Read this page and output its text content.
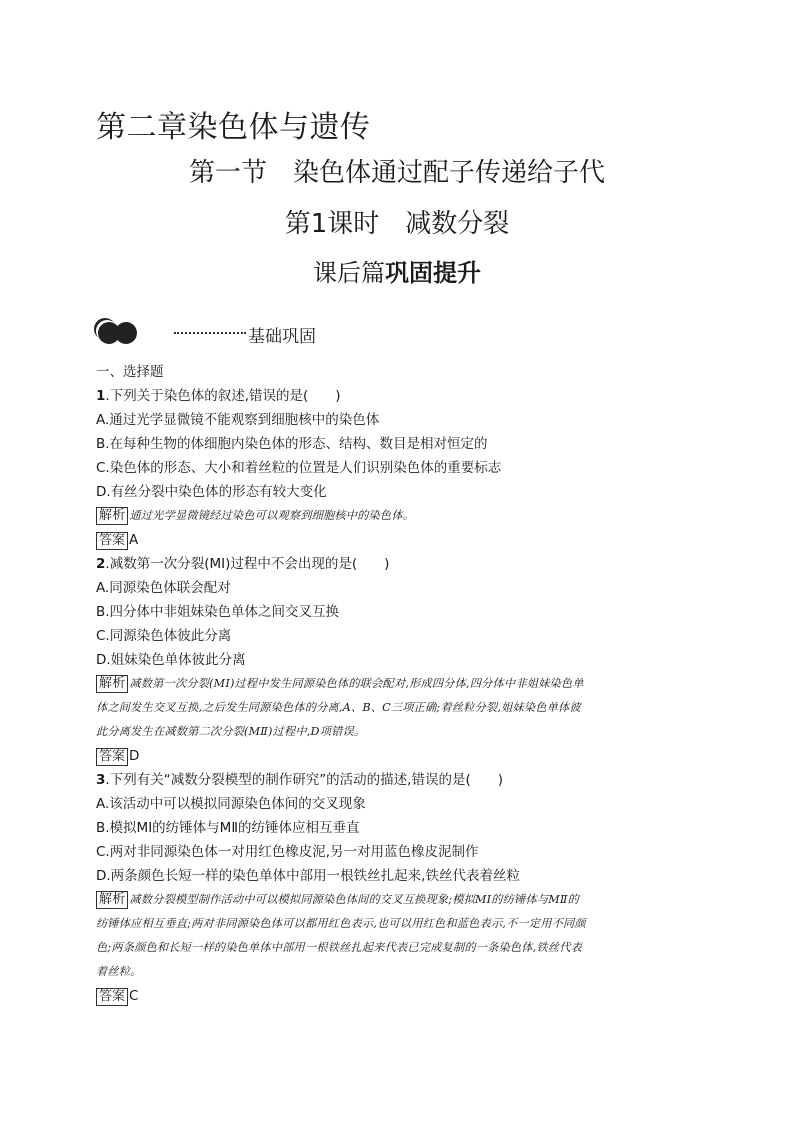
第二章染色体与遗传
第一节 染色体通过配子传递给子代
第1课时 减数分裂
课后篇巩固提升
基础巩固
一、选择题
1.下列关于染色体的叙述,错误的是(　　)
A.通过光学显微镜不能观察到细胞核中的染色体
B.在每种生物的体细胞内染色体的形态、结构、数目是相对恒定的
C.染色体的形态、大小和着丝粒的位置是人们识别染色体的重要标志
D.有丝分裂中染色体的形态有较大变化
解析 通过光学显微镜经过染色可以观察到细胞核中的染色体。
答案 A
2.减数第一次分裂(MⅠ)过程中不会出现的是(　　)
A.同源染色体联会配对
B.四分体中非姐妹染色单体之间交叉互换
C.同源染色体彼此分离
D.姐妹染色单体彼此分离
解析 减数第一次分裂(MⅠ)过程中发生同源染色体的联会配对,形成四分体,四分体中非姐妹染色单
体之间发生交叉互换,之后发生同源染色体的分离,A、B、C三项正确;着丝粒分裂,姐妹染色单体彼
此分离发生在减数第二次分裂(MⅡ)过程中,D项错误。
答案 D
3.下列有关“减数分裂模型的制作研究”的活动的描述,错误的是(　　)
A.该活动中可以模拟同源染色体间的交叉现象
B.模拟MⅠ的纺锤体与MⅡ的纺锤体应相互垂直
C.两对非同源染色体一对用红色橡皮泥,另一对用蓝色橡皮泥制作
D.两条颜色长短一样的染色单体中部用一根铁丝扎起来,铁丝代表着丝粒
解析 减数分裂模型制作活动中可以模拟同源染色体间的交叉互换现象;模拟MⅠ的纺锤体与MⅡ的
纺锤体应相互垂直;两对非同源染色体可以都用红色表示,也可以用红色和蓝色表示,不一定用不同颜
色;两条颜色和长短一样的染色单体中部用一根铁丝扎起来代表已完成复制的一条染色体,铁丝代表
着丝粒。
答案 C
